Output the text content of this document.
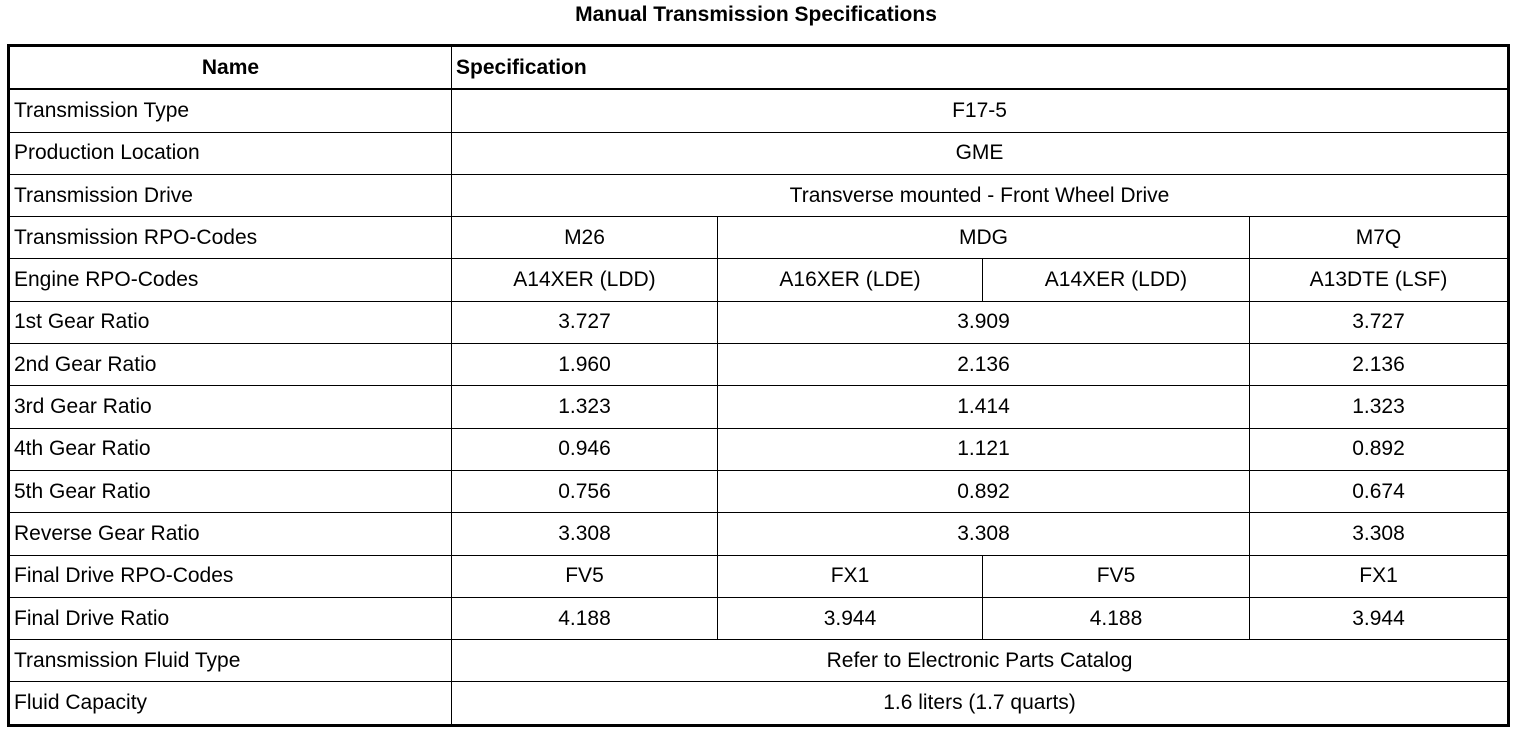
Manual Transmission Specifications
Name	Specification			
Transmission Type	F17-5			
Production Location	GME			
Transmission Drive	Transverse mounted - Front Wheel Drive			
Transmission RPO-Codes	M26	MDG		M7Q
Engine RPO-Codes	A14XER (LDD)	A16XER (LDE)	A14XER (LDD)	A13DTE (LSF)
1st Gear Ratio	3.727	3.909		3.727
2nd Gear Ratio	1.960	2.136		2.136
3rd Gear Ratio	1.323	1.414		1.323
4th Gear Ratio	0.946	1.121		0.892
5th Gear Ratio	0.756	0.892		0.674
Reverse Gear Ratio	3.308	3.308		3.308
Final Drive RPO-Codes	FV5	FX1	FV5	FX1
Final Drive Ratio	4.188	3.944	4.188	3.944
Transmission Fluid Type	Refer to Electronic Parts Catalog			
Fluid Capacity	1.6 liters (1.7 quarts)			
